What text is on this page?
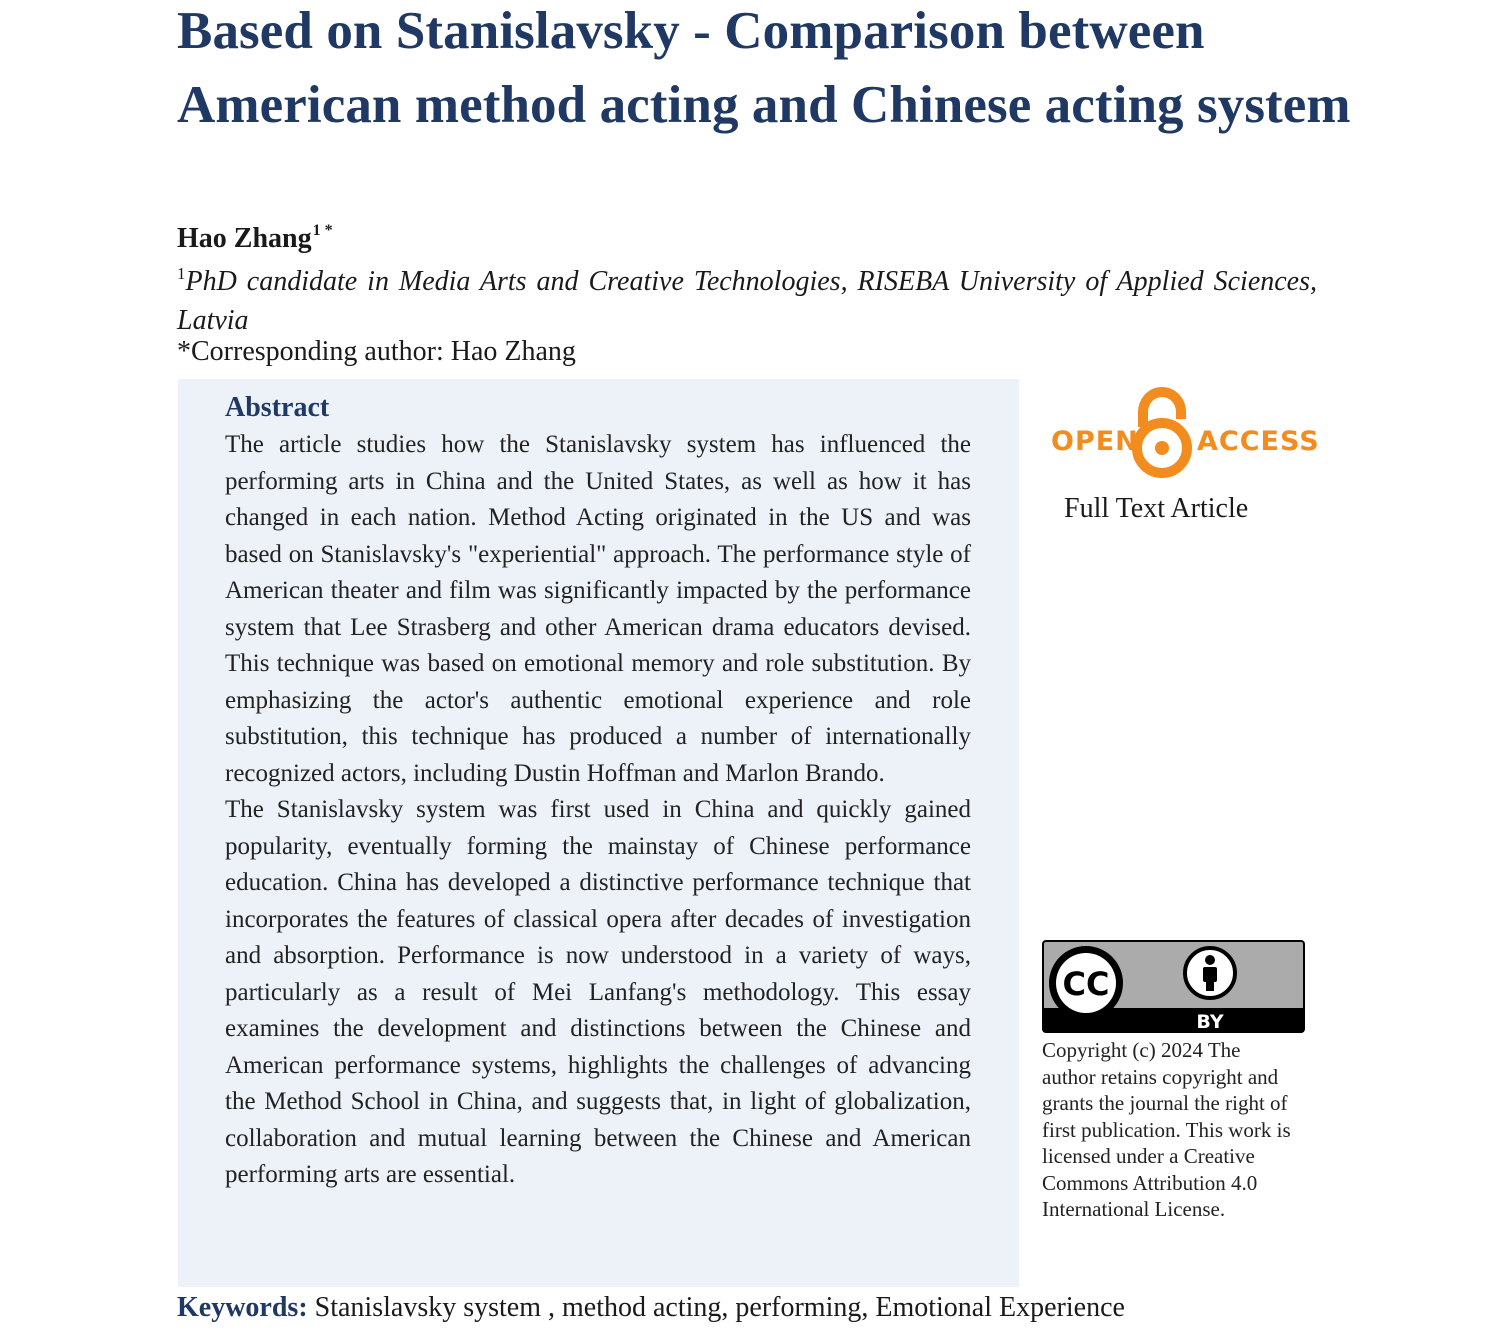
Based on Stanislavsky - Comparison between American method acting and Chinese acting system
Hao Zhang$^{1 *}$
$^1$PhD candidate in Media Arts and Creative Technologies, RISEBA University of Applied Sciences, Latvia
*Corresponding author: Hao Zhang
Abstract

The article studies how the Stanislavsky system has influenced the performing arts in China and the United States, as well as how it has changed in each nation. Method Acting originated in the US and was based on Stanislavsky's "experiential" approach. The performance style of American theater and film was significantly impacted by the performance system that Lee Strasberg and other American drama educators devised. This technique was based on emotional memory and role substitution. By emphasizing the actor's authentic emotional experience and role substitution, this technique has produced a number of internationally recognized actors, including Dustin Hoffman and Marlon Brando.

The Stanislavsky system was first used in China and quickly gained popularity, eventually forming the mainstay of Chinese performance education. China has developed a distinctive performance technique that incorporates the features of classical opera after decades of investigation and absorption. Performance is now understood in a variety of ways, particularly as a result of Mei Lanfang's methodology. This essay examines the development and distinctions between the Chinese and American performance systems, highlights the challenges of advancing the Method School in China, and suggests that, in light of globalization, collaboration and mutual learning between the Chinese and American performing arts are essential.

OPEN ACCESS
Full Text Article
CC
BY
Copyright (c) 2024 The author retains copyright and grants the journal the right of first publication. This work is licensed under a Creative Commons Attribution 4.0 International License.
Keywords: Stanislavsky system , method acting, performing, Emotional Experience
